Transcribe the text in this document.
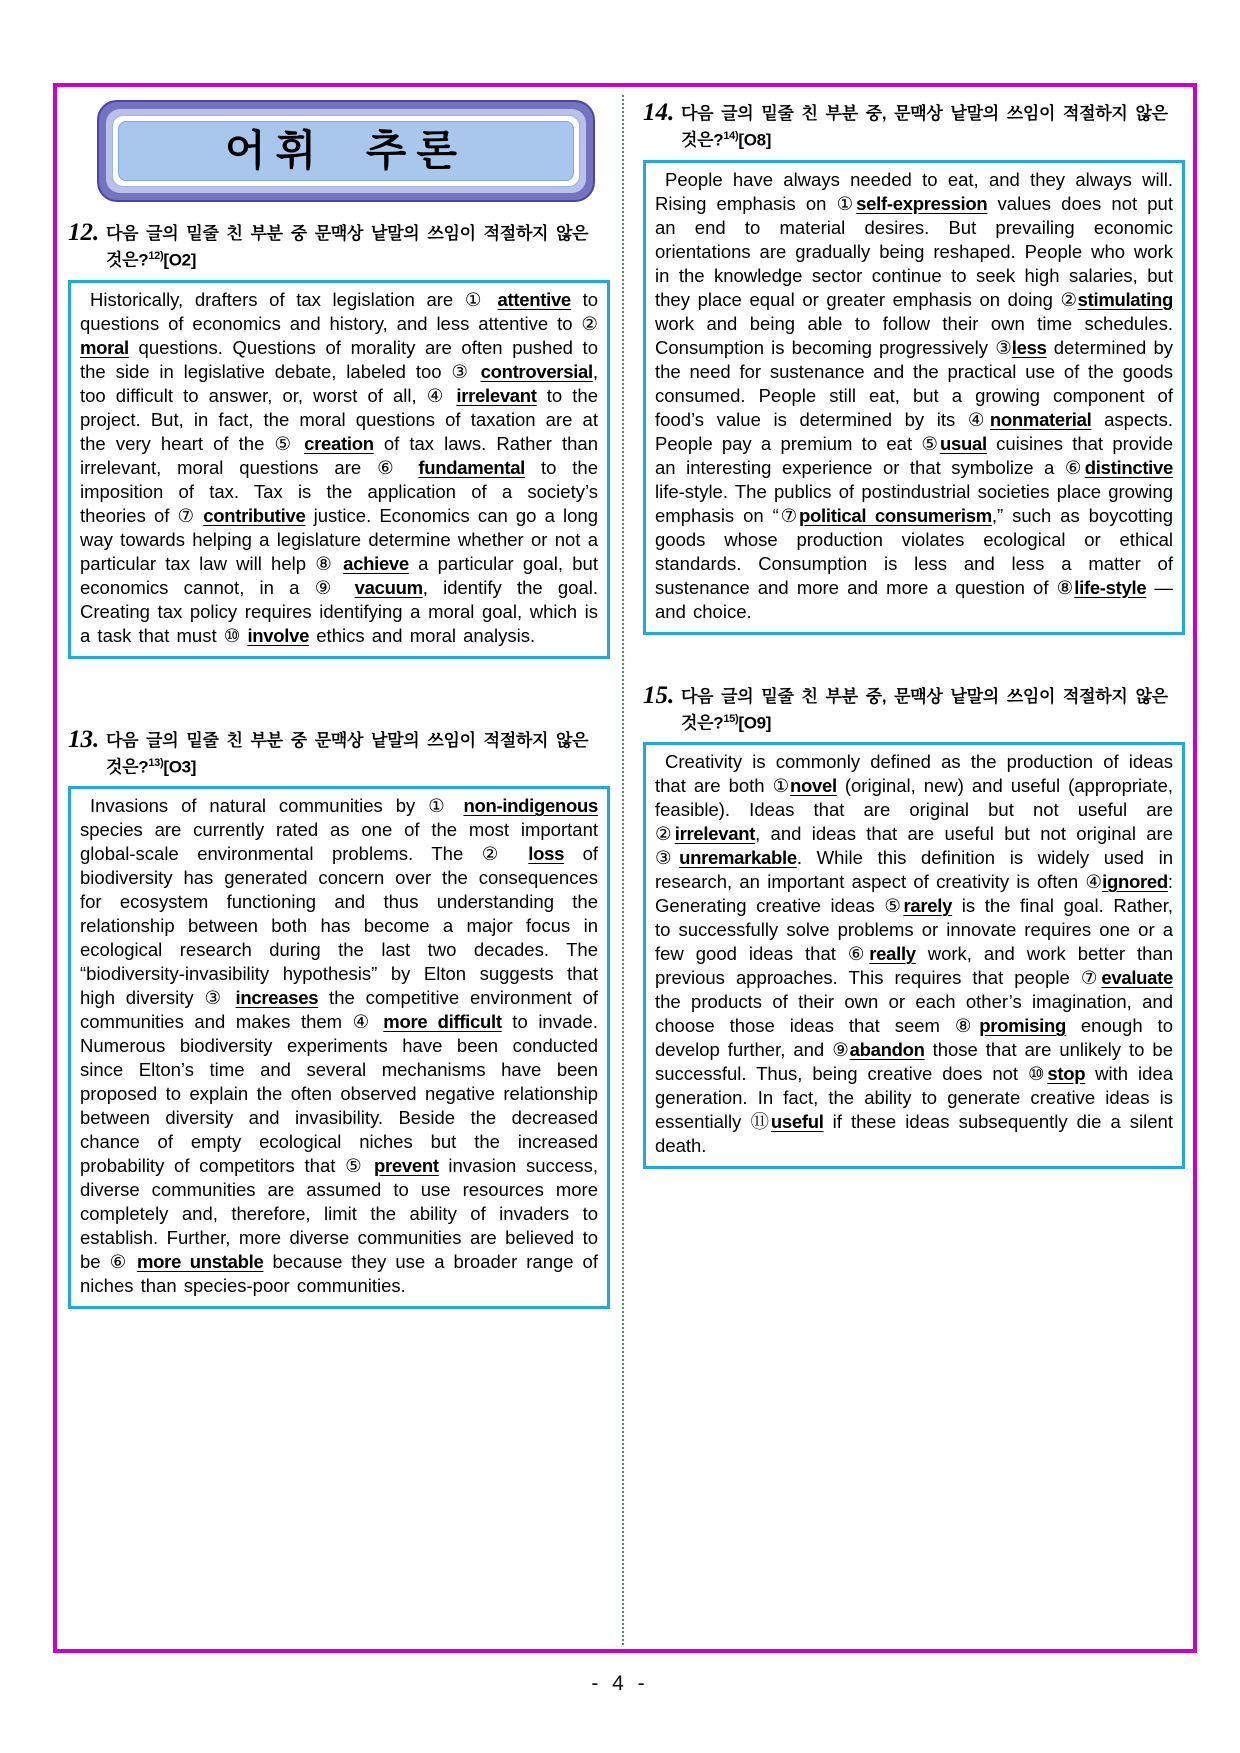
어휘 추론
12. 다음 글의 밑줄 친 부분 중 문맥상 낱말의 쓰임이 적절하지 않은 것은?$^{12)}$[O2]
Historically, drafters of tax legislation are ① attentive to questions of economics and history, and less attentive to ② moral questions. Questions of morality are often pushed to the side in legislative debate, labeled too ③ controversial, too difficult to answer, or, worst of all, ④ irrelevant to the project. But, in fact, the moral questions of taxation are at the very heart of the ⑤ creation of tax laws. Rather than irrelevant, moral questions are ⑥ fundamental to the imposition of tax. Tax is the application of a society’s theories of ⑦ contributive justice. Economics can go a long way towards helping a legislature determine whether or not a particular tax law will help ⑧ achieve a particular goal, but economics cannot, in a ⑨ vacuum, identify the goal. Creating tax policy requires identifying a moral goal, which is a task that must ⑩ involve ethics and moral analysis.
13. 다음 글의 밑줄 친 부분 중 문맥상 낱말의 쓰임이 적절하지 않은 것은?$^{13)}$[O3]
Invasions of natural communities by ① non-indigenous species are currently rated as one of the most important global-scale environmental problems. The ② loss of biodiversity has generated concern over the consequences for ecosystem functioning and thus understanding the relationship between both has become a major focus in ecological research during the last two decades. The “biodiversity-invasibility hypothesis” by Elton suggests that high diversity ③ increases the competitive environment of communities and makes them ④ more difficult to invade. Numerous biodiversity experiments have been conducted since Elton’s time and several mechanisms have been proposed to explain the often observed negative relationship between diversity and invasibility. Beside the decreased chance of empty ecological niches but the increased probability of competitors that ⑤ prevent invasion success, diverse communities are assumed to use resources more completely and, therefore, limit the ability of invaders to establish. Further, more diverse communities are believed to be ⑥ more unstable because they use a broader range of niches than species-poor communities.
14. 다음 글의 밑줄 친 부분 중, 문맥상 낱말의 쓰임이 적절하지 않은 것은?$^{14)}$[O8]
People have always needed to eat, and they always will. Rising emphasis on ①self-expression values does not put an end to material desires. But prevailing economic orientations are gradually being reshaped. People who work in the knowledge sector continue to seek high salaries, but they place equal or greater emphasis on doing ②stimulating work and being able to follow their own time schedules. Consumption is becoming progressively ③less determined by the need for sustenance and the practical use of the goods consumed. People still eat, but a growing component of food’s value is determined by its ④nonmaterial aspects. People pay a premium to eat ⑤usual cuisines that provide an interesting experience or that symbolize a ⑥distinctive life-style. The publics of postindustrial societies place growing emphasis on “⑦political consumerism,” such as boycotting goods whose production violates ecological or ethical standards. Consumption is less and less a matter of sustenance and more and more a question of ⑧life-style — and choice.
15. 다음 글의 밑줄 친 부분 중, 문맥상 낱말의 쓰임이 적절하지 않은 것은?$^{15)}$[O9]
Creativity is commonly defined as the production of ideas that are both ①novel (original, new) and useful (appropriate, feasible). Ideas that are original but not useful are ②irrelevant, and ideas that are useful but not original are ③unremarkable. While this definition is widely used in research, an important aspect of creativity is often ④ignored: Generating creative ideas ⑤rarely is the final goal. Rather, to successfully solve problems or innovate requires one or a few good ideas that ⑥really work, and work better than previous approaches. This requires that people ⑦evaluate the products of their own or each other’s imagination, and choose those ideas that seem ⑧promising enough to develop further, and ⑨abandon those that are unlikely to be successful. Thus, being creative does not ⑩stop with idea generation. In fact, the ability to generate creative ideas is essentially ⑪useful if these ideas subsequently die a silent death.
- 4 -
